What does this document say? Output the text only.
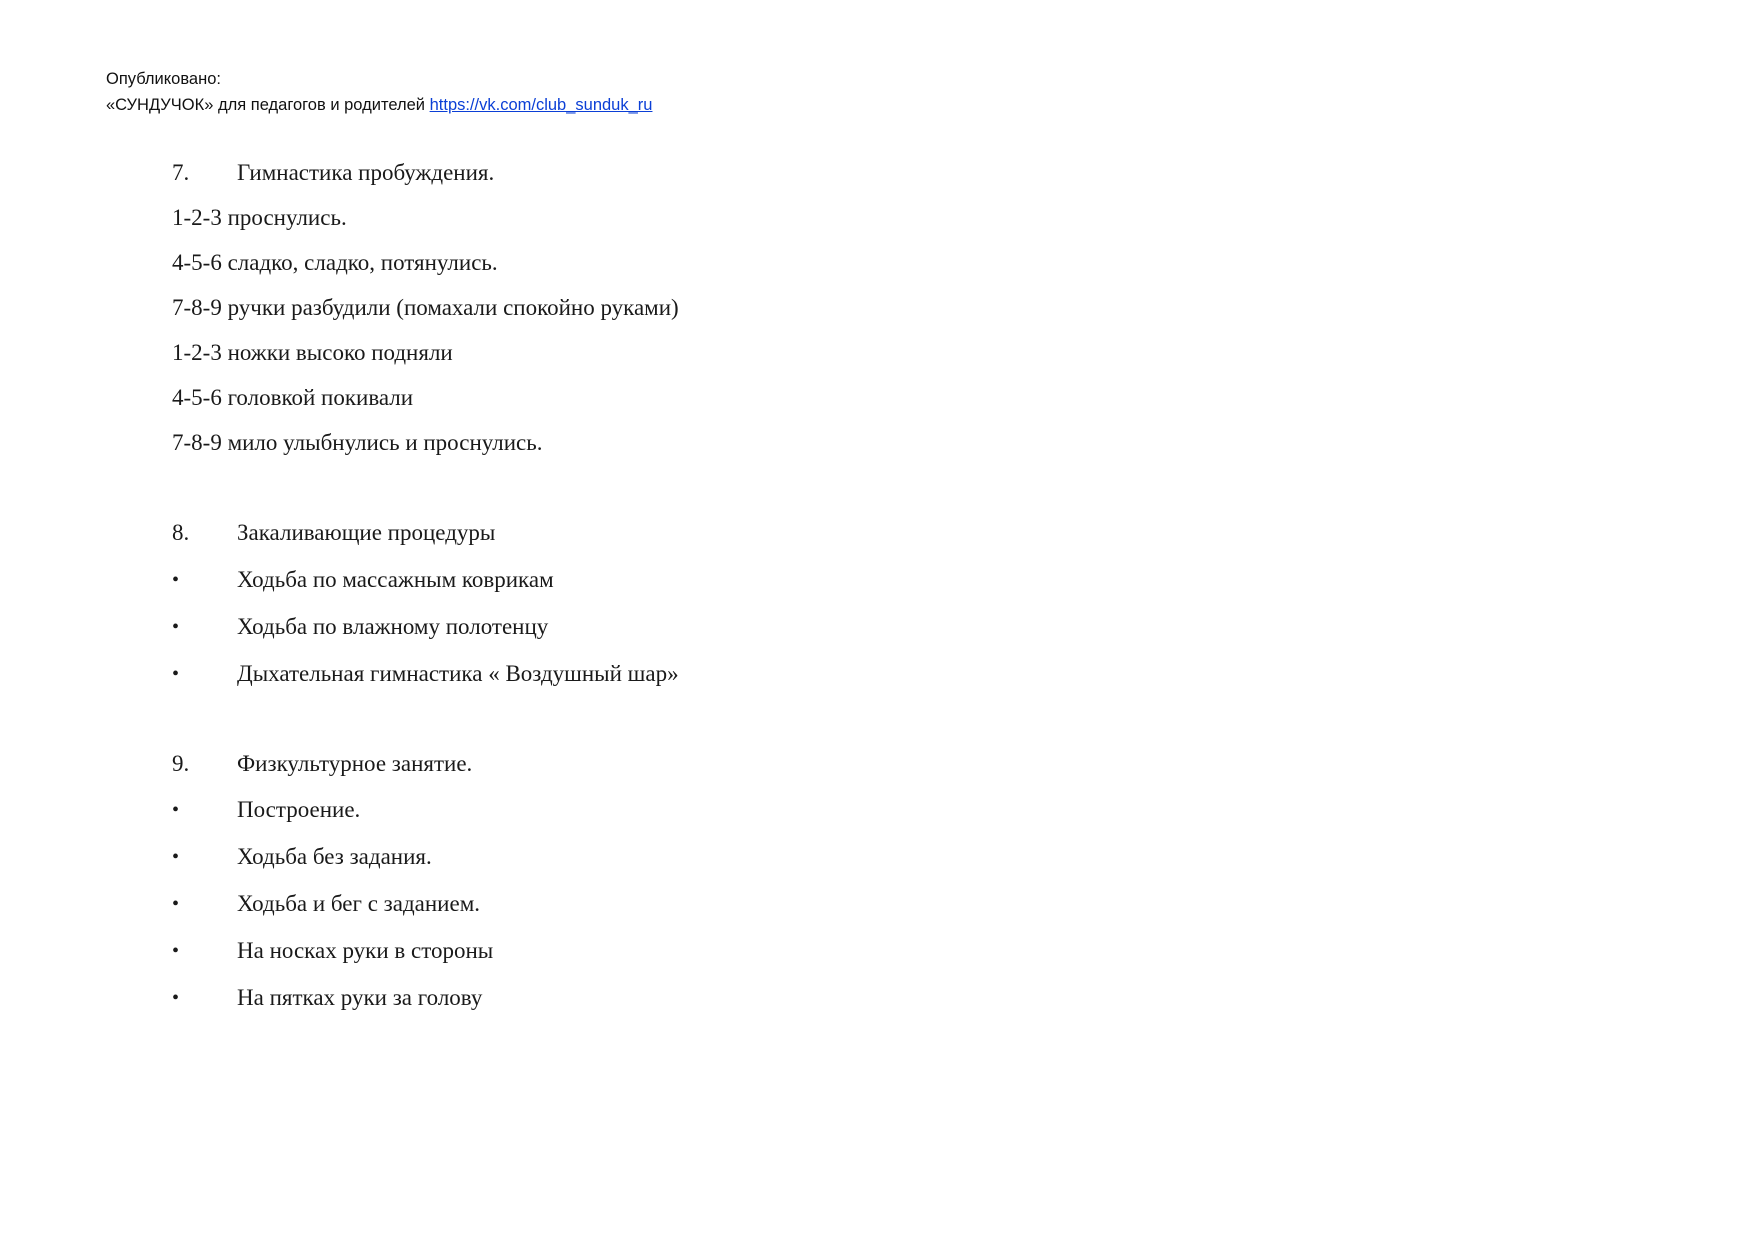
Опубликовано:
«СУНДУЧОК» для педагогов и родителей https://vk.com/club_sunduk_ru
7. Гимнастика пробуждения.
1-2-3 проснулись.
4-5-6 сладко, сладко, потянулись.
7-8-9 ручки разбудили (помахали спокойно руками)
1-2-3 ножки высоко подняли
4-5-6 головкой покивали
7-8-9 мило улыбнулись и проснулись.
8. Закаливающие процедуры
•	Ходьба по массажным коврикам
•	Ходьба по влажному полотенцу
•	Дыхательная гимнастика « Воздушный шар»
9. Физкультурное занятие.
•	Построение.
•	Ходьба без задания.
•	Ходьба и бег с заданием.
•	На носках руки в стороны
•	На пятках руки за голову
